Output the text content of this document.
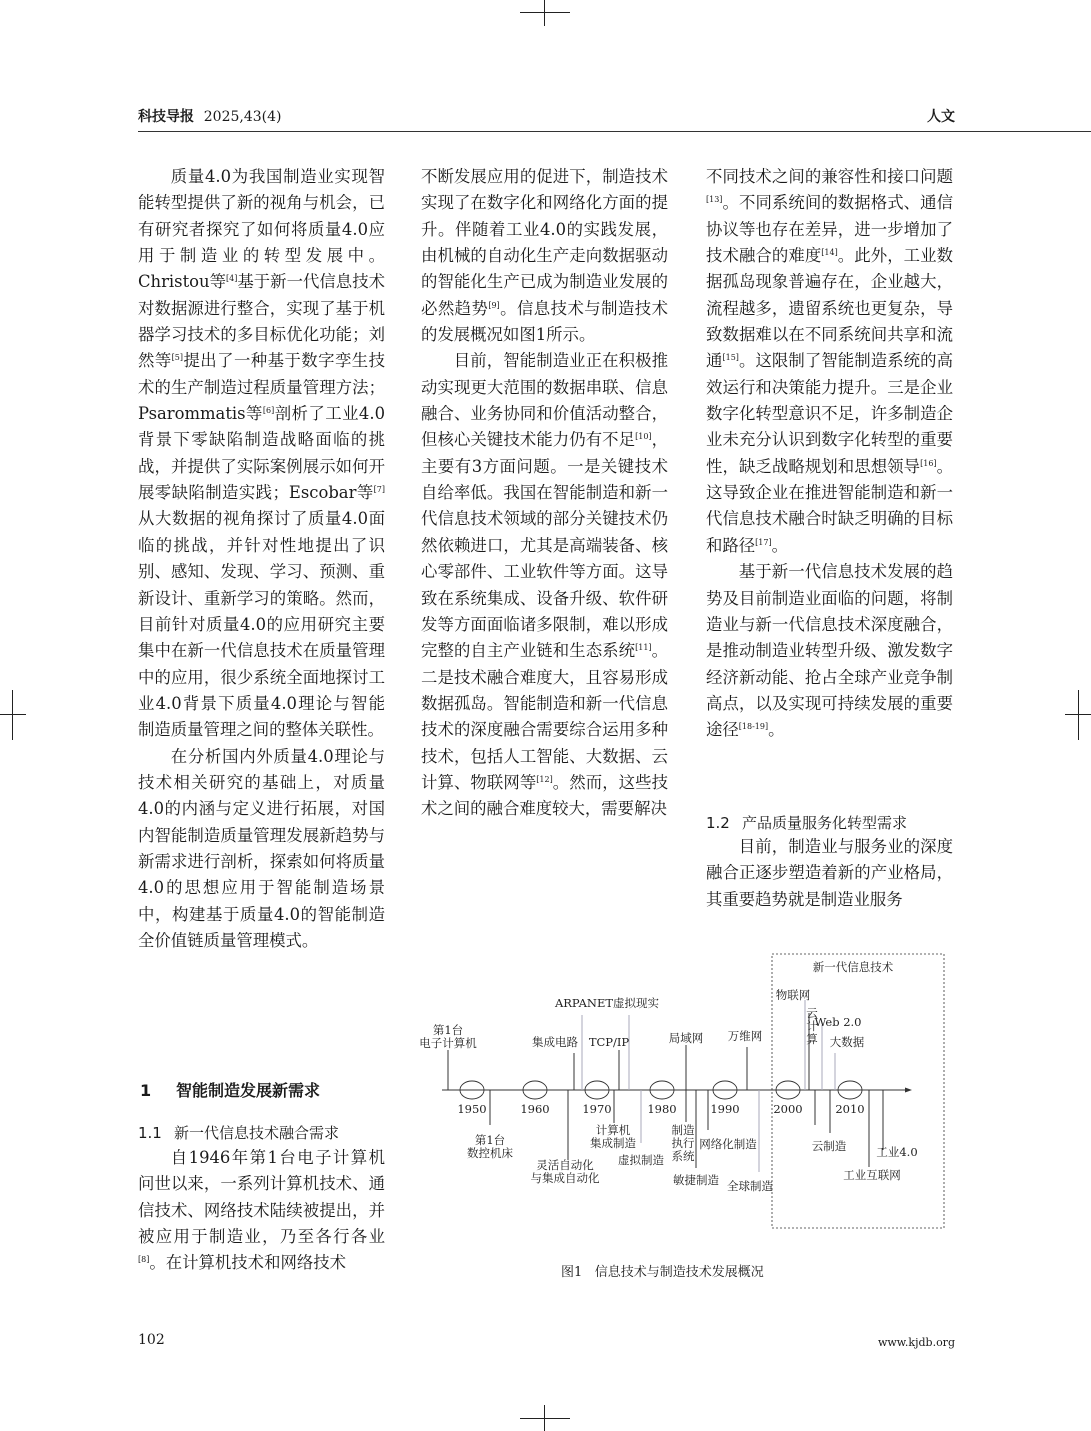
科技导报 2025,43(4)	人文

质量4.0为我国制造业实现智能转型提供了新的视角与机会，已有研究者探究了如何将质量4.0应用于制造业的转型发展中。Christou等[4]基于新一代信息技术对数据源进行整合，实现了基于机器学习技术的多目标优化功能；刘然等[5]提出了一种基于数字孪生技术的生产制造过程质量管理方法；Psarommatis等[6]剖析了工业4.0背景下零缺陷制造战略面临的挑战，并提供了实际案例展示如何开展零缺陷制造实践；Escobar等[7]从大数据的视角探讨了质量4.0面临的挑战，并针对性地提出了识别、感知、发现、学习、预测、重新设计、重新学习的策略。然而，目前针对质量4.0的应用研究主要集中在新一代信息技术在质量管理中的应用，很少系统全面地探讨工业4.0背景下质量4.0理论与智能制造质量管理之间的整体关联性。

在分析国内外质量4.0理论与技术相关研究的基础上，对质量4.0的内涵与定义进行拓展，对国内智能制造质量管理发展新趋势与新需求进行剖析，探索如何将质量4.0的思想应用于智能制造场景中，构建基于质量4.0的智能制造全价值链质量管理模式。

1 智能制造发展新需求
1.1 新一代信息技术融合需求

自1946年第1台电子计算机问世以来，一系列计算机技术、通信技术、网络技术陆续被提出，并被应用于制造业，乃至各行各业[8]。在计算机技术和网络技术

不断发展应用的促进下，制造技术实现了在数字化和网络化方面的提升。伴随着工业4.0的实践发展，由机械的自动化生产走向数据驱动的智能化生产已成为制造业发展的必然趋势[9]。信息技术与制造技术的发展概况如图1所示。

目前，智能制造业正在积极推动实现更大范围的数据串联、信息融合、业务协同和价值活动整合，但核心关键技术能力仍有不足[10]，主要有3方面问题。一是关键技术自给率低。我国在智能制造和新一代信息技术领域的部分关键技术仍然依赖进口，尤其是高端装备、核心零部件、工业软件等方面。这导致在系统集成、设备升级、软件研发等方面面临诸多限制，难以形成完整的自主产业链和生态系统[11]。二是技术融合难度大，且容易形成数据孤岛。智能制造和新一代信息技术的深度融合需要综合运用多种技术，包括人工智能、大数据、云计算、物联网等[12]。然而，这些技术之间的融合难度较大，需要解决

不同技术之间的兼容性和接口问题[13]。不同系统间的数据格式、通信协议等也存在差异，进一步增加了技术融合的难度[14]。此外，工业数据孤岛现象普遍存在，企业越大，流程越多，遗留系统也更复杂，导致数据难以在不同系统间共享和流通[15]。这限制了智能制造系统的高效运行和决策能力提升。三是企业数字化转型意识不足，许多制造企业未充分认识到数字化转型的重要性，缺乏战略规划和思想领导[16]。这导致企业在推进智能制造和新一代信息技术融合时缺乏明确的目标和路径[17]。

基于新一代信息技术发展的趋势及目前制造业面临的问题，将制造业与新一代信息技术深度融合，是推动制造业转型升级、激发数字经济新动能、抢占全球产业竞争制高点，以及实现可持续发展的重要途径[18-19]。

1.2 产品质量服务化转型需求

目前，制造业与服务业的深度融合正逐步塑造着新的产业格局，其重要趋势就是制造业服务

新一代信息技术
1950	1960	1970	1980	1990	2000	2010
第1台电子计算机	集成电路
ARPANET虚拟现实
TCP/IP	局域网 万维网
物联网
云计算
Web 2.0
大数据
第1台数控机床
灵活自动化与集成自动化
计算机集成制造
虚拟制造
制造执行系统
敏捷制造
网络化制造
全球制造
云制造
工业互联网
工业4.0
图1 信息技术与制造技术发展概况
102	www.kjdb.org
